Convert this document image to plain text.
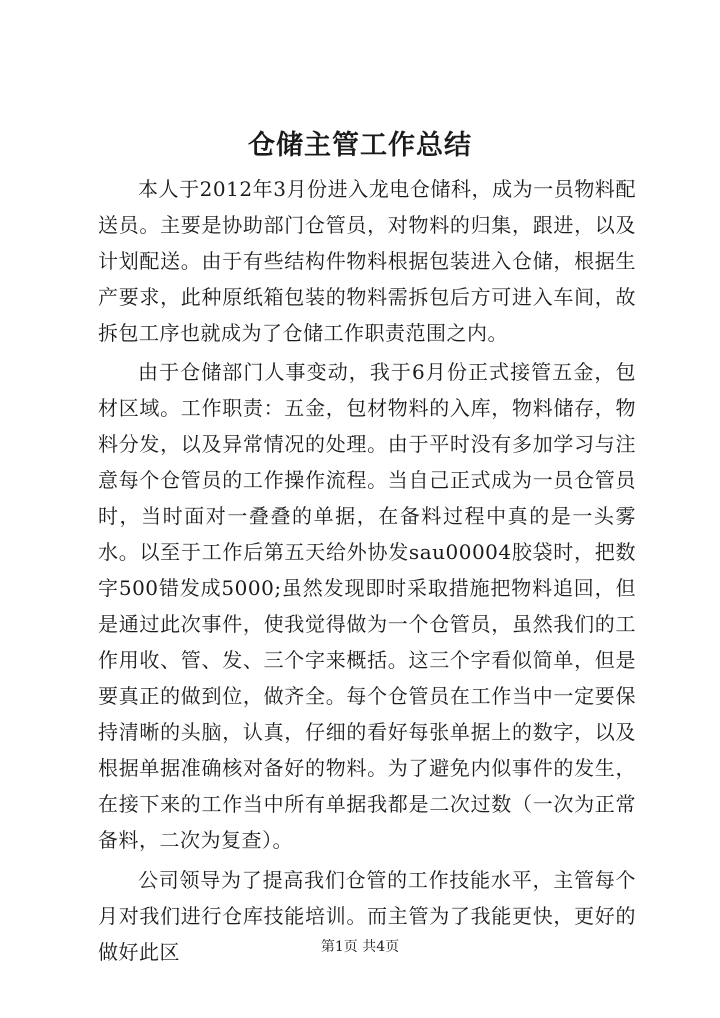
仓储主管工作总结

本人于2012年3月份进入龙电仓储科，成为一员物料配送员。主要是协助部门仓管员，对物料的归集，跟进，以及计划配送。由于有些结构件物料根据包装进入仓储，根据生产要求，此种原纸箱包装的物料需拆包后方可进入车间，故拆包工序也就成为了仓储工作职责范围之内。

由于仓储部门人事变动，我于6月份正式接管五金，包材区域。工作职责：五金，包材物料的入库，物料储存，物料分发，以及异常情况的处理。由于平时没有多加学习与注意每个仓管员的工作操作流程。当自己正式成为一员仓管员时，当时面对一叠叠的单据，在备料过程中真的是一头雾水。以至于工作后第五天给外协发sau00004胶袋时，把数字500错发成5000;虽然发现即时采取措施把物料追回，但是通过此次事件，使我觉得做为一个仓管员，虽然我们的工作用收、管、发、三个字来概括。这三个字看似简单，但是要真正的做到位，做齐全。每个仓管员在工作当中一定要保持清晰的头脑，认真，仔细的看好每张单据上的数字，以及根据单据准确核对备好的物料。为了避免内似事件的发生，在接下来的工作当中所有单据我都是二次过数（一次为正常备料，二次为复查）。

公司领导为了提高我们仓管的工作技能水平，主管每个月对我们进行仓库技能培训。而主管为了我能更快，更好的做好此区	第1页 共4页
